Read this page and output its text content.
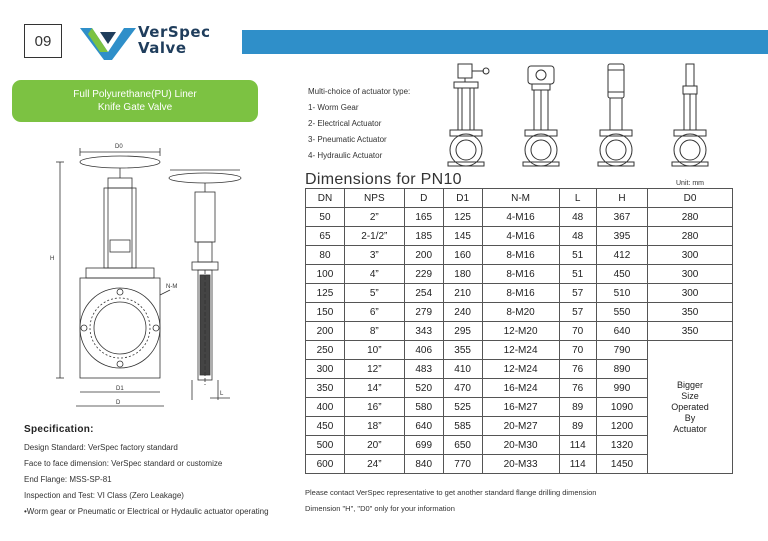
09	VerSpec
Valve
Full Polyurethane(PU) Liner
Knife Gate Valve
Multi-choice of actuator type:
1- Worm Gear
2- Electrical Actuator
3- Pneumatic Actuator
4- Hydraulic Actuator
Dimensions for PN10	Unit: mm
DN	NPS	D	D1	N-M	L	H	D0
50	2”	165	125	4-M16	48	367	280
65	2-1/2”	185	145	4-M16	48	395	280
80	3”	200	160	8-M16	51	412	300
100	4”	229	180	8-M16	51	450	300
125	5”	254	210	8-M16	57	510	300
150	6”	279	240	8-M20	57	550	350
200	8”	343	295	12-M20	70	640	350
250	10”	406	355	12-M24	70	790	Bigger
Size
Operated
By
Actuator

300	12”	483	410	12-M24	76	890	
350	14”	520	470	16-M24	76	990	
400	16”	580	525	16-M27	89	1090	
450	18”	640	585	20-M27	89	1200	
500	20”	699	650	20-M30	114	1320	
600	24”	840	770	20-M33	114	1450	
D0
H
N-M
D1
D
L
Specification:
Design Standard: VerSpec factory standard
Face to face dimension: VerSpec standard or customize
End Flange: MSS-SP-81
Inspection and Test: VI Class (Zero Leakage)
•Worm gear or Pneumatic or Electrical or Hydaulic actuator operating
Please contact VerSpec representative to get another standard flange drilling dimension
Dimension "H", "D0" only for your information
